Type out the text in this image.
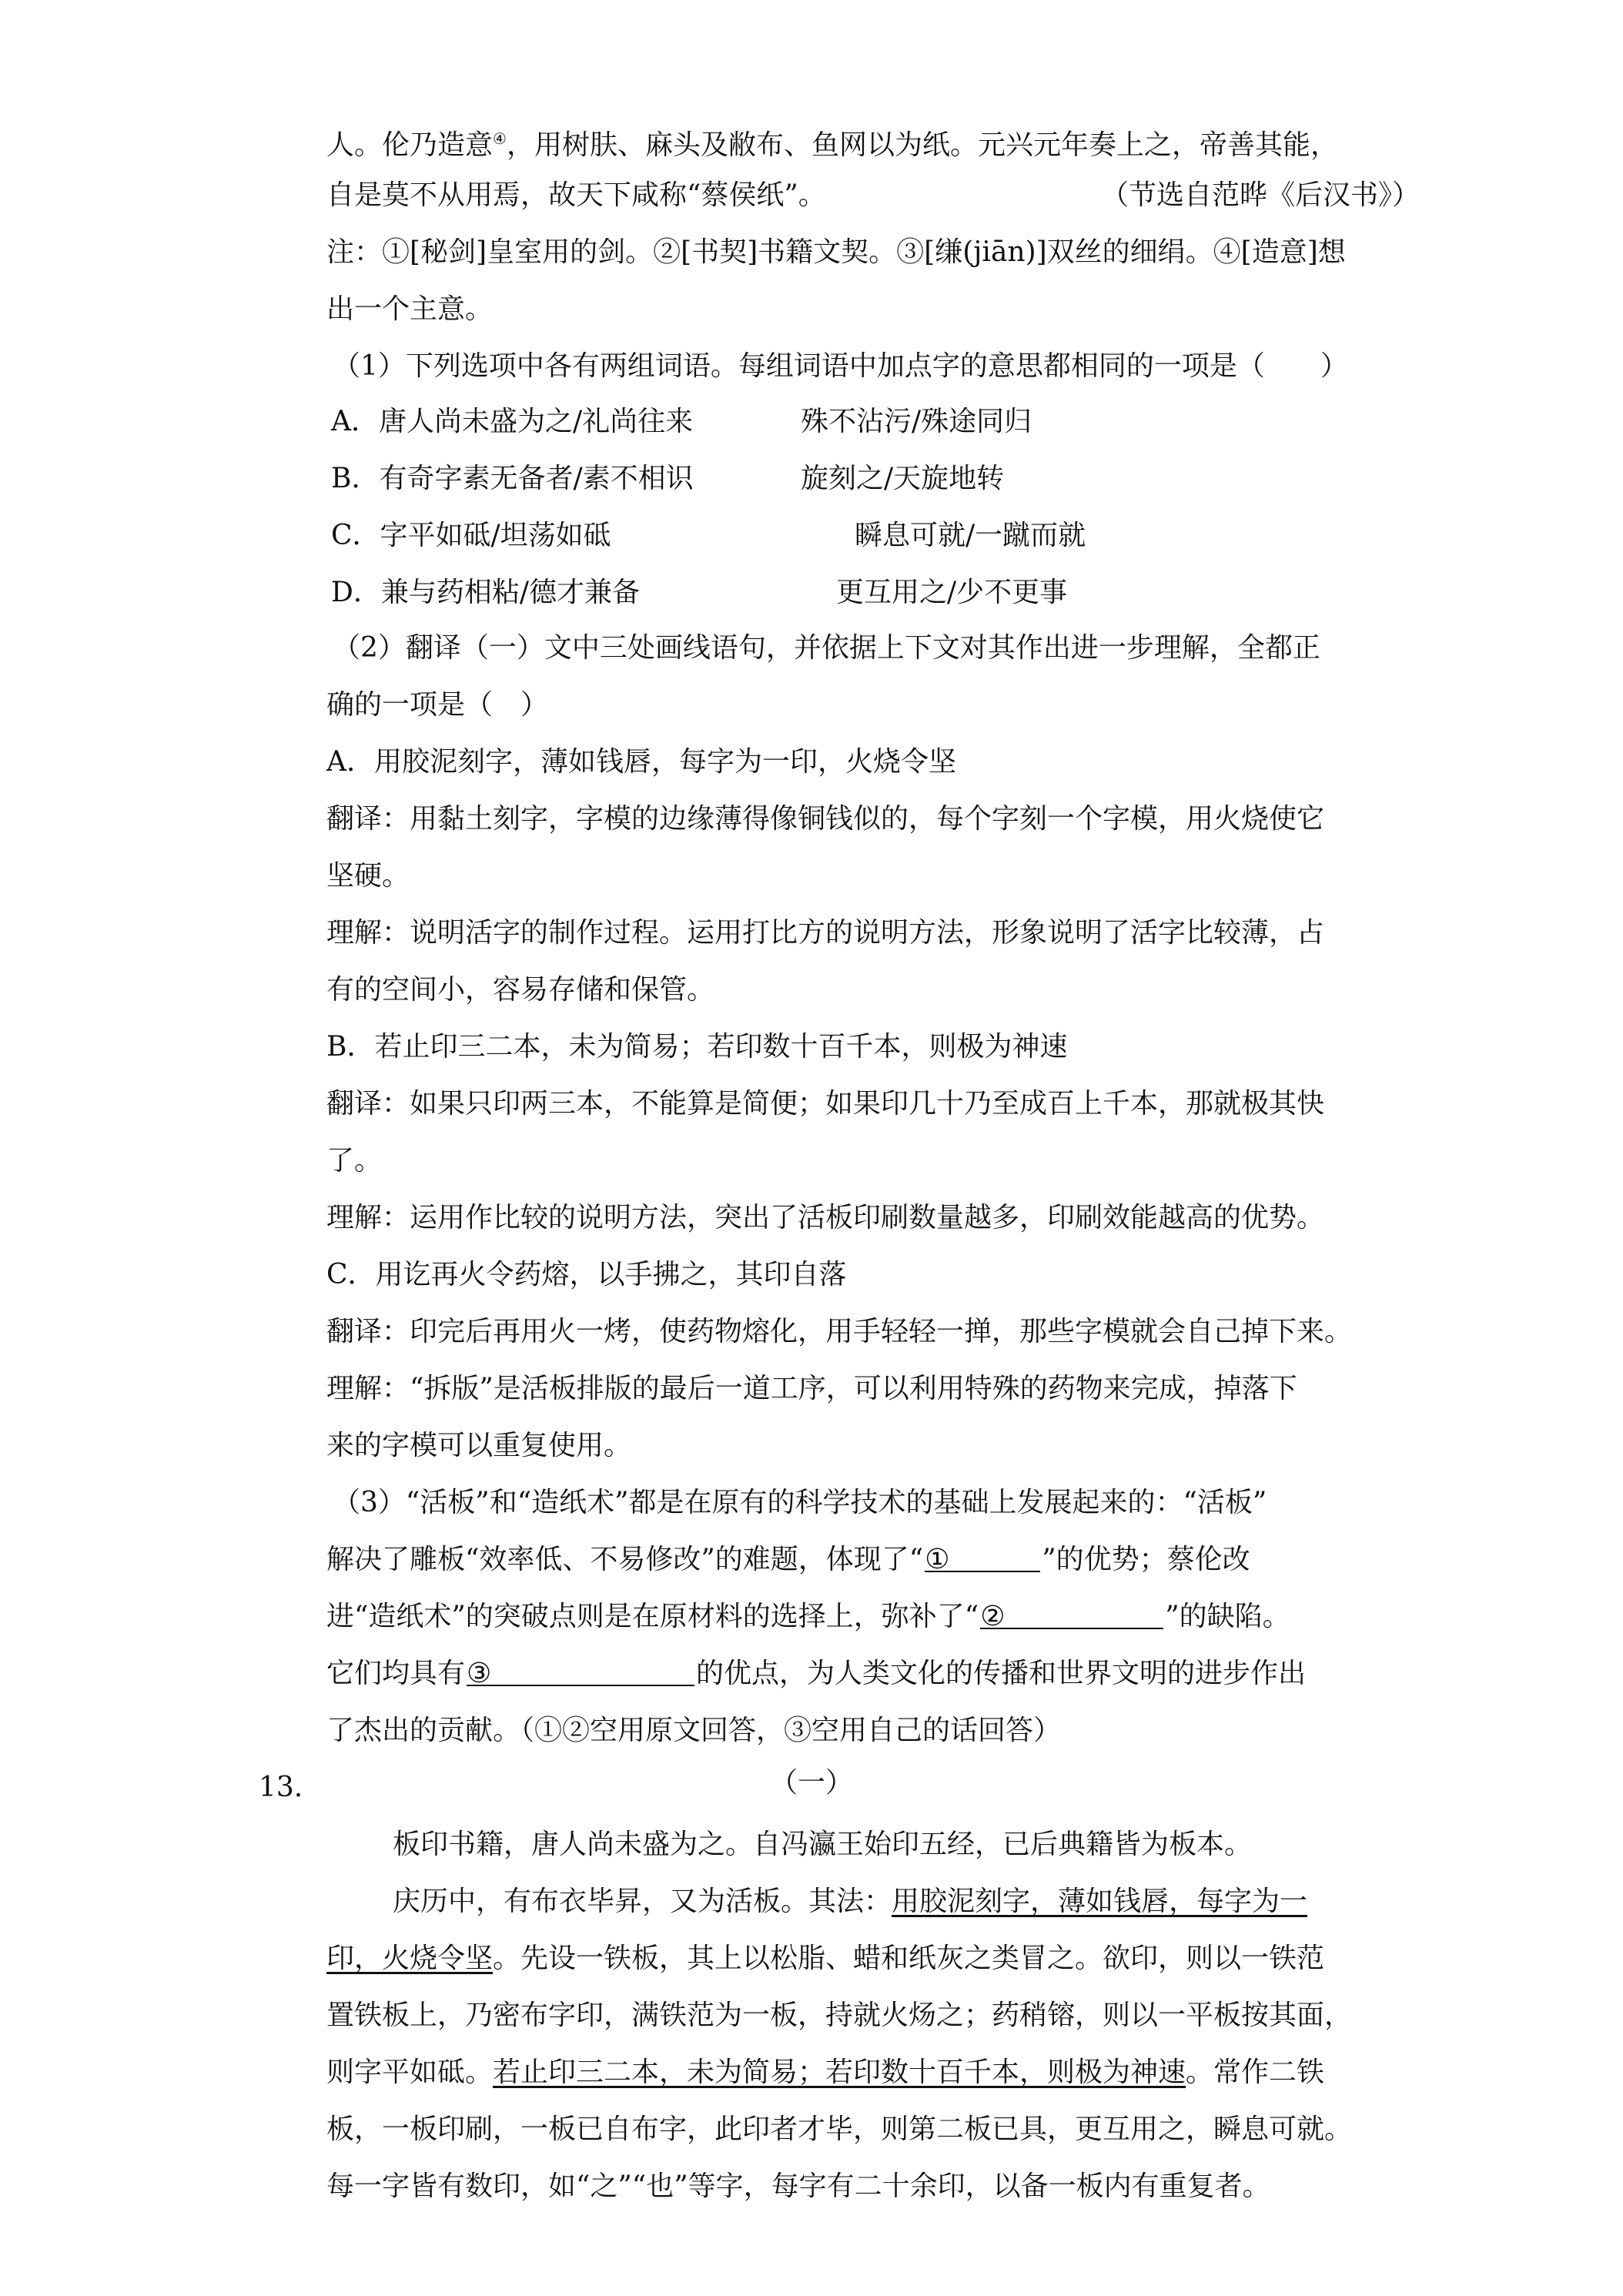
人。伦乃造意④，用树肤、麻头及敝布、鱼网以为纸。元兴元年奏上之，帝善其能，
自是莫不从用焉，故天下咸称“蔡侯纸”。	（节选自范晔《后汉书》）
注：①[秘剑]皇室用的剑。②[书契]书籍文契。③[缣(jiān)]双丝的细绢。④[造意]想
出一个主意。
（1）下列选项中各有两组词语。每组词语中加点字的意思都相同的一项是（　　）
A．唐人尚未盛为之/礼尚往来	殊不沾污/殊途同归
B．有奇字素无备者/素不相识	旋刻之/天旋地转
C．字平如砥/坦荡如砥	瞬息可就/一蹴而就
D．兼与药相粘/德才兼备	更互用之/少不更事
（2）翻译（一）文中三处画线语句，并依据上下文对其作出进一步理解，全都正
确的一项是（　）
A．用胶泥刻字，薄如钱唇，每字为一印，火烧令坚
翻译：用黏土刻字，字模的边缘薄得像铜钱似的，每个字刻一个字模，用火烧使它
坚硬。
理解：说明活字的制作过程。运用打比方的说明方法，形象说明了活字比较薄，占
有的空间小，容易存储和保管。
B．若止印三二本，未为简易；若印数十百千本，则极为神速
翻译：如果只印两三本，不能算是简便；如果印几十乃至成百上千本，那就极其快
了。
理解：运用作比较的说明方法，突出了活板印刷数量越多，印刷效能越高的优势。
C．用讫再火令药熔，以手拂之，其印自落
翻译：印完后再用火一烤，使药物熔化，用手轻轻一掸，那些字模就会自己掉下来。
理解：“拆版”是活板排版的最后一道工序，可以利用特殊的药物来完成，掉落下
来的字模可以重复使用。
（3）“活板”和“造纸术”都是在原有的科学技术的基础上发展起来的：“活板”
解决了雕板“效率低、不易修改”的难题，体现了“①	”的优势；蔡伦改
进“造纸术”的突破点则是在原材料的选择上，弥补了“②	”的缺陷。
它们均具有③	的优点，为人类文化的传播和世界文明的进步作出
了杰出的贡献。（①②空用原文回答，③空用自己的话回答）
13.	（一）
板印书籍，唐人尚未盛为之。自冯瀛王始印五经，已后典籍皆为板本。
庆历中，有布衣毕昇，又为活板。其法：用胶泥刻字，薄如钱唇，每字为一
印，火烧令坚。先设一铁板，其上以松脂、蜡和纸灰之类冒之。欲印，则以一铁范
置铁板上，乃密布字印，满铁范为一板，持就火炀之；药稍镕，则以一平板按其面，
则字平如砥。若止印三二本，未为简易；若印数十百千本，则极为神速。常作二铁
板，一板印刷，一板已自布字，此印者才毕，则第二板已具，更互用之，瞬息可就。
每一字皆有数印，如“之”“也”等字，每字有二十余印，以备一板内有重复者。
